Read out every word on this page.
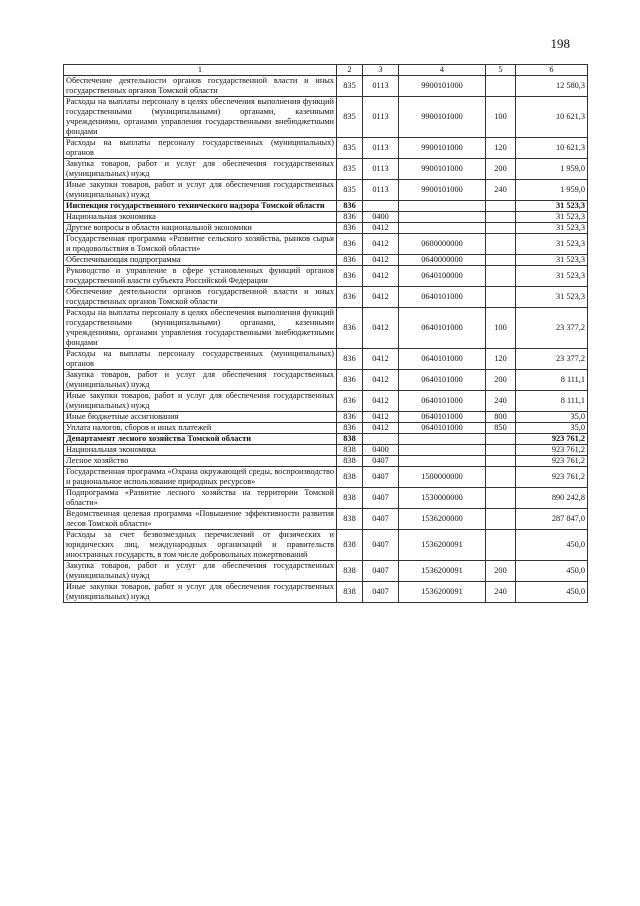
198
1	2	3	4	5	6
Обеспечение деятельности органов государственной власти и иных государственных органов Томской области	835	0113	9900101000		12 580,3
Расходы на выплаты персоналу в целях обеспечения выполнения функций государственными (муниципальными) органами, казенными учреждениями, органами управления государственными внебюджетными фондами	835	0113	9900101000	100	10 621,3
Расходы на выплаты персоналу государственных (муниципальных) органов	835	0113	9900101000	120	10 621,3
Закупка товаров, работ и услуг для обеспечения государственных (муниципальных) нужд	835	0113	9900101000	200	1 959,0
Иные закупки товаров, работ и услуг для обеспечения государственных (муниципальных) нужд	835	0113	9900101000	240	1 959,0
Инспекция государственного технического надзора Томской области	836				31 523,3
Национальная экономика	836	0400			31 523,3
Другие вопросы в области национальной экономики	836	0412			31 523,3
Государственная программа «Развитие сельского хозяйства, рынков сырья и продовольствия в Томской области»	836	0412	0600000000		31 523,3
Обеспечивающая подпрограмма	836	0412	0640000000		31 523,3
Руководство и управление в сфере установленных функций органов государственной власти субъекта Российской Федерации	836	0412	0640100000		31 523,3
Обеспечение деятельности органов государственной власти и иных государственных органов Томской области	836	0412	0640101000		31 523,3
Расходы на выплаты персоналу в целях обеспечения выполнения функций государственными (муниципальными) органами, казенными учреждениями, органами управления государственными внебюджетными фондами	836	0412	0640101000	100	23 377,2
Расходы на выплаты персоналу государственных (муниципальных) органов	836	0412	0640101000	120	23 377,2
Закупка товаров, работ и услуг для обеспечения государственных (муниципальных) нужд	836	0412	0640101000	200	8 111,1
Иные закупки товаров, работ и услуг для обеспечения государственных (муниципальных) нужд	836	0412	0640101000	240	8 111,1
Иные бюджетные ассигнования	836	0412	0640101000	800	35,0
Уплата налогов, сборов и иных платежей	836	0412	0640101000	850	35,0
Департамент лесного хозяйства Томской области	838				923 761,2
Национальная экономика	838	0400			923 761,2
Лесное хозяйство	838	0407			923 761,2
Государственная программа «Охрана окружающей среды, воспроизводство и рациональное использование природных ресурсов»	838	0407	1500000000		923 761,2
Подпрограмма «Развитие лесного хозяйства на территории Томской области»	838	0407	1530000000		890 242,8
Ведомственная целевая программа «Повышение эффективности развития лесов Томской области»	838	0407	1536200000		287 847,0
Расходы за счет безвозмездных перечислений от физических и юридических лиц, международных организаций и правительств иностранных государств, в том числе добровольных пожертвований	838	0407	1536200091		450,0
Закупка товаров, работ и услуг для обеспечения государственных (муниципальных) нужд	838	0407	1536200091	200	450,0
Иные закупки товаров, работ и услуг для обеспечения государственных (муниципальных) нужд	838	0407	1536200091	240	450,0
